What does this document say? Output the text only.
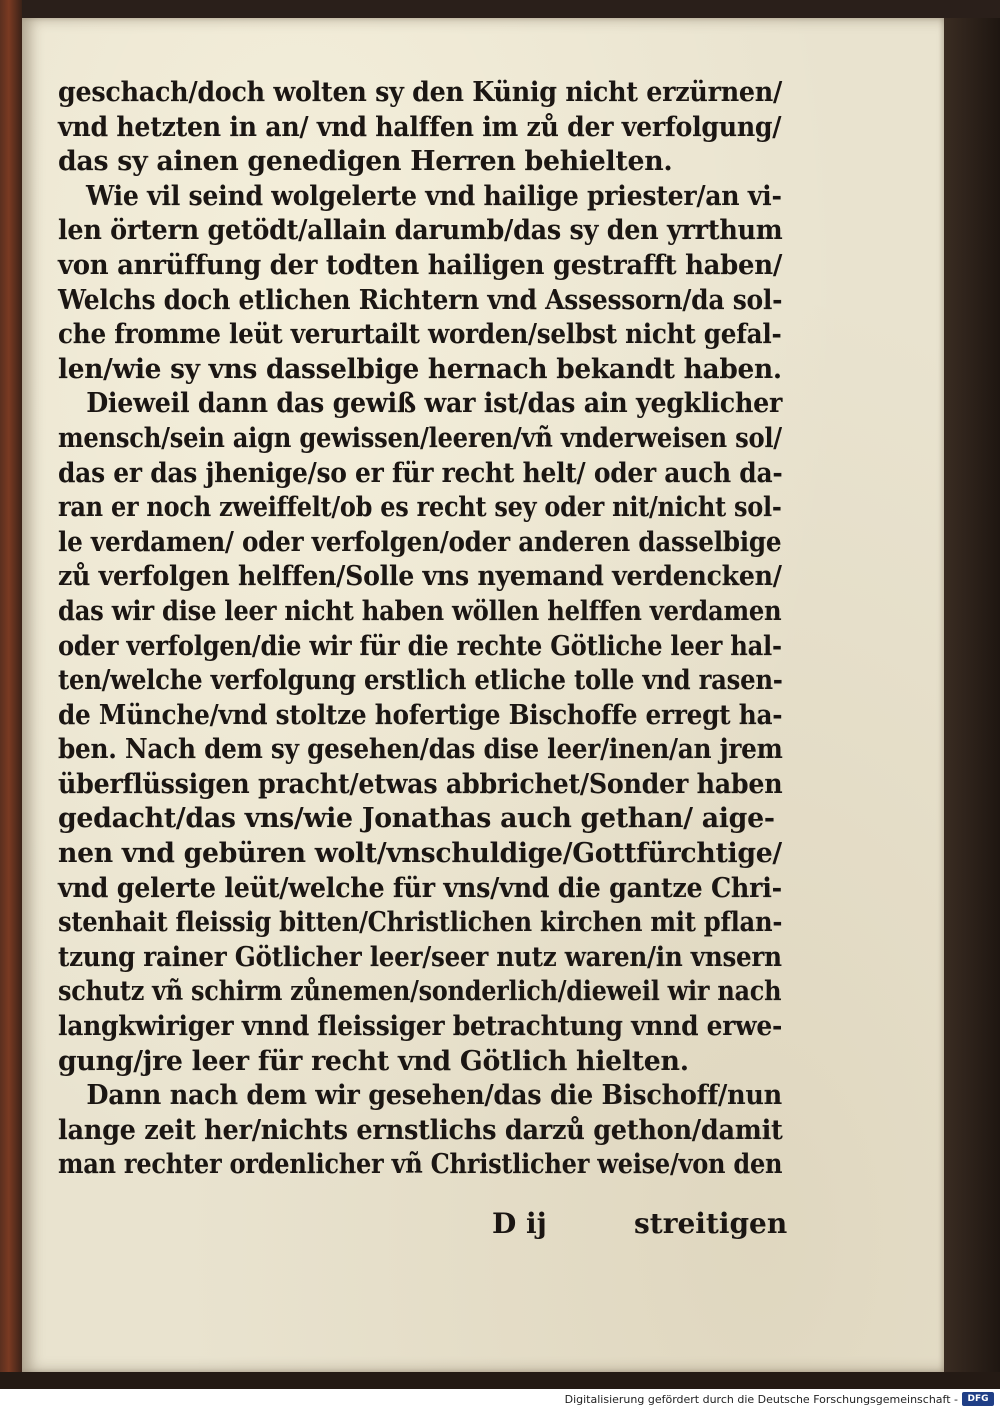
geschach/doch wolten sy den Künig nicht erzürnen/
vnd hetzten in an/ vnd halffen im zů der verfolgung/
das sy ainen genedigen Herren behielten.
Wie vil seind wolgelerte vnd hailige priester/an vi-
len örtern getödt/allain darumb/das sy den yrrthum
von anrüffung der todten hailigen gestrafft haben/
Welchs doch etlichen Richtern vnd Assessorn/da sol-
che fromme leüt verurtailt worden/selbst nicht gefal-
len/wie sy vns dasselbige hernach bekandt haben.
Dieweil dann das gewiß war ist/das ain yegklicher
mensch/sein aign gewissen/leeren/vñ vnderweisen sol/
das er das jhenige/so er für recht helt/ oder auch da-
ran er noch zweiffelt/ob es recht sey oder nit/nicht sol-
le verdamen/ oder verfolgen/oder anderen dasselbige
zů verfolgen helffen/Solle vns nyemand verdencken/
das wir dise leer nicht haben wöllen helffen verdamen
oder verfolgen/die wir für die rechte Götliche leer hal-
ten/welche verfolgung erstlich etliche tolle vnd rasen-
de Münche/vnd stoltze hofertige Bischoffe erregt ha-
ben. Nach dem sy gesehen/das dise leer/inen/an jrem
überflüssigen pracht/etwas abbrichet/Sonder haben
gedacht/das vns/wie Jonathas auch gethan/ aige-
nen vnd gebüren wolt/vnschuldige/Gottfürchtige/
vnd gelerte leüt/welche für vns/vnd die gantze Chri-
stenhait fleissig bitten/Christlichen kirchen mit pflan-
tzung rainer Götlicher leer/seer nutz waren/in vnsern
schutz vñ schirm zůnemen/sonderlich/dieweil wir nach
langkwiriger vnnd fleissiger betrachtung vnnd erwe-
gung/jre leer für recht vnd Götlich hielten.
Dann nach dem wir gesehen/das die Bischoff/nun
lange zeit her/nichts ernstlichs darzů gethon/damit
man rechter ordenlicher vñ Christlicher weise/von den
D ij	streitigen
Digitalisierung gefördert durch die Deutsche Forschungsgemeinschaft -	DFG
